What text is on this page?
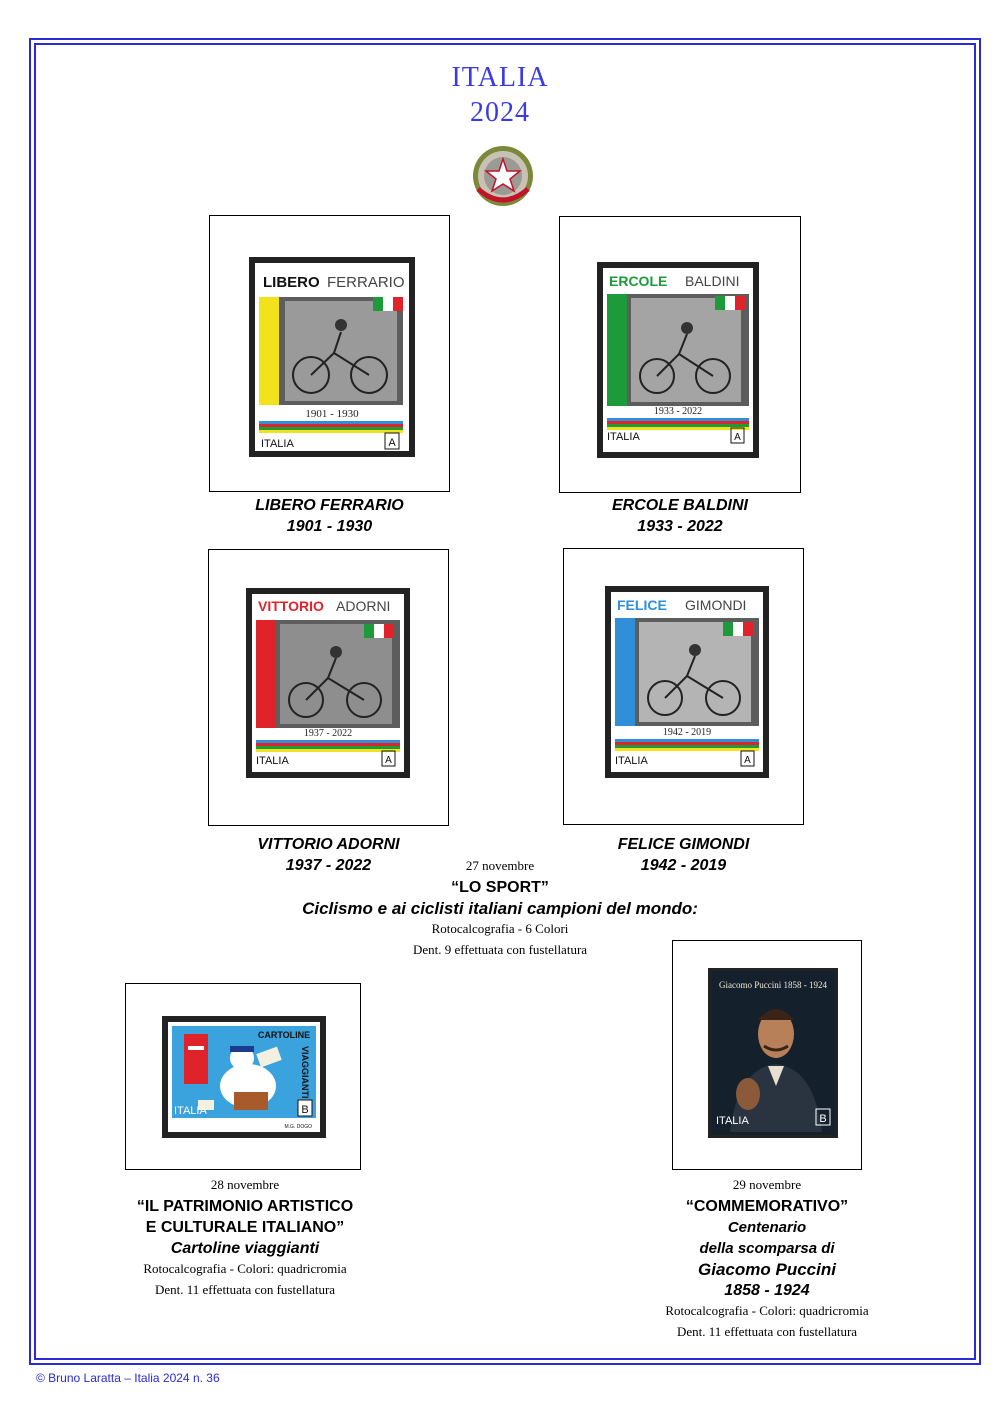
ITALIA
2024
LIBERO FERRARIO
1901 - 1930
ITALIA	A
ERCOLE BALDINI
1933 - 2022
ITALIA	A
VITTORIO ADORNI
1937 - 2022
ITALIA	A
FELICE GIMONDI
1942 - 2019
ITALIA	A
LIBERO FERRARIO
1901 - 1930
ERCOLE BALDINI
1933 - 2022
VITTORIO ADORNI
1937 - 2022
FELICE GIMONDI
1942 - 2019
27 novembre
“LO SPORT”
Ciclismo e ai ciclisti italiani campioni del mondo:
Rotocalcografia - 6 Colori
Dent. 9 effettuata con fustellatura
CARTOLINE
VIAGGIANTI
ITALIA	B
M.G. DOGO
28 novembre
“IL PATRIMONIO ARTISTICO
E CULTURALE ITALIANO”
Cartoline viaggianti
Rotocalcografia - Colori: quadricromia
Dent. 11 effettuata con fustellatura
Giacomo Puccini 1858 - 1924
ITALIA	B
29 novembre
“COMMEMORATIVO”
Centenario
della scomparsa di
Giacomo Puccini
1858 - 1924
Rotocalcografia - Colori: quadricromia
Dent. 11 effettuata con fustellatura
© Bruno Laratta – Italia 2024 n. 36
